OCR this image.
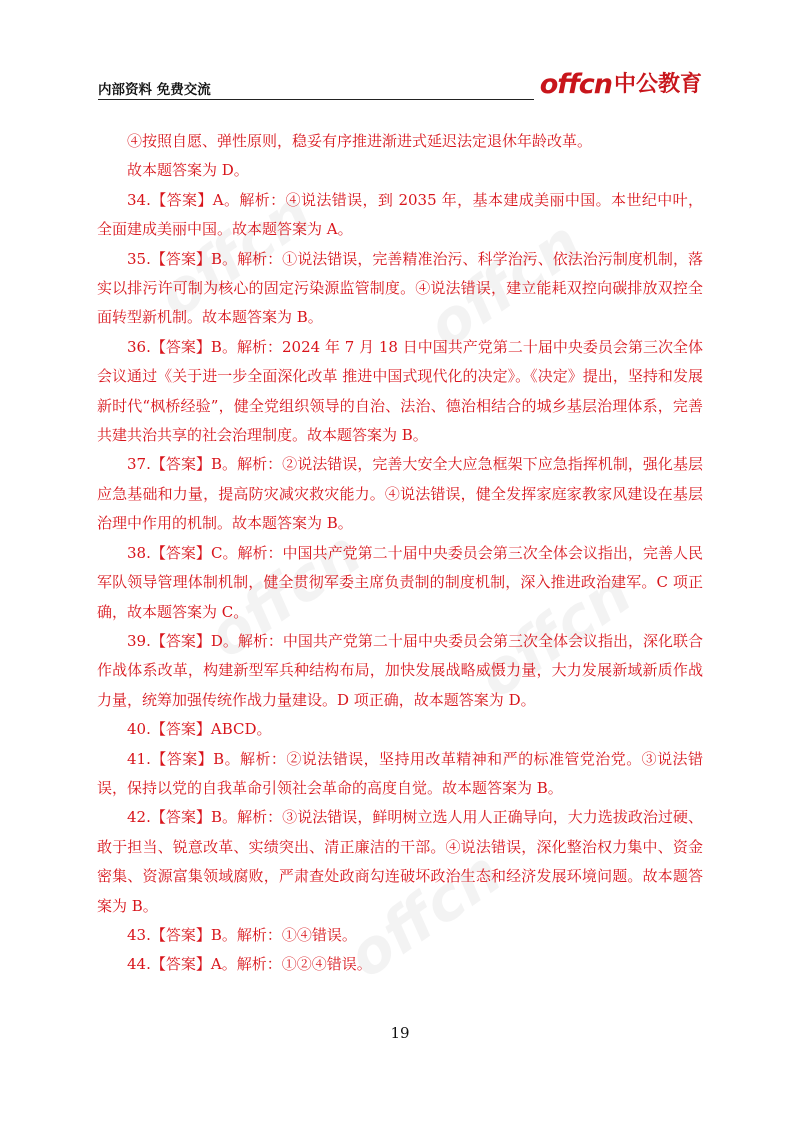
内部资料 免费交流	offcn 中公教育

④按照自愿、弹性原则，稳妥有序推进渐进式延迟法定退休年龄改革。

故本题答案为 D。

34.【答案】A。解析：④说法错误，到 2035 年，基本建成美丽中国。本世纪中叶，全面建成美丽中国。故本题答案为 A。

35.【答案】B。解析：①说法错误，完善精准治污、科学治污、依法治污制度机制，落实以排污许可制为核心的固定污染源监管制度。④说法错误，建立能耗双控向碳排放双控全面转型新机制。故本题答案为 B。

36.【答案】B。解析：2024 年 7 月 18 日中国共产党第二十届中央委员会第三次全体会议通过《关于进一步全面深化改革 推进中国式现代化的决定》。《决定》提出，坚持和发展新时代“枫桥经验”，健全党组织领导的自治、法治、德治相结合的城乡基层治理体系，完善共建共治共享的社会治理制度。故本题答案为 B。

37.【答案】B。解析：②说法错误，完善大安全大应急框架下应急指挥机制，强化基层应急基础和力量，提高防灾减灾救灾能力。④说法错误，健全发挥家庭家教家风建设在基层治理中作用的机制。故本题答案为 B。

38.【答案】C。解析：中国共产党第二十届中央委员会第三次全体会议指出，完善人民军队领导管理体制机制，健全贯彻军委主席负责制的制度机制，深入推进政治建军。C 项正确，故本题答案为 C。

39.【答案】D。解析：中国共产党第二十届中央委员会第三次全体会议指出，深化联合作战体系改革，构建新型军兵种结构布局，加快发展战略威慑力量，大力发展新域新质作战力量，统筹加强传统作战力量建设。D 项正确，故本题答案为 D。

40.【答案】ABCD。

41.【答案】B。解析：②说法错误，坚持用改革精神和严的标准管党治党。③说法错误，保持以党的自我革命引领社会革命的高度自觉。故本题答案为 B。

42.【答案】B。解析：③说法错误，鲜明树立选人用人正确导向，大力选拔政治过硬、敢于担当、锐意改革、实绩突出、清正廉洁的干部。④说法错误，深化整治权力集中、资金密集、资源富集领域腐败，严肃查处政商勾连破坏政治生态和经济发展环境问题。故本题答案为 B。

43.【答案】B。解析：①④错误。

44.【答案】A。解析：①②④错误。

19
